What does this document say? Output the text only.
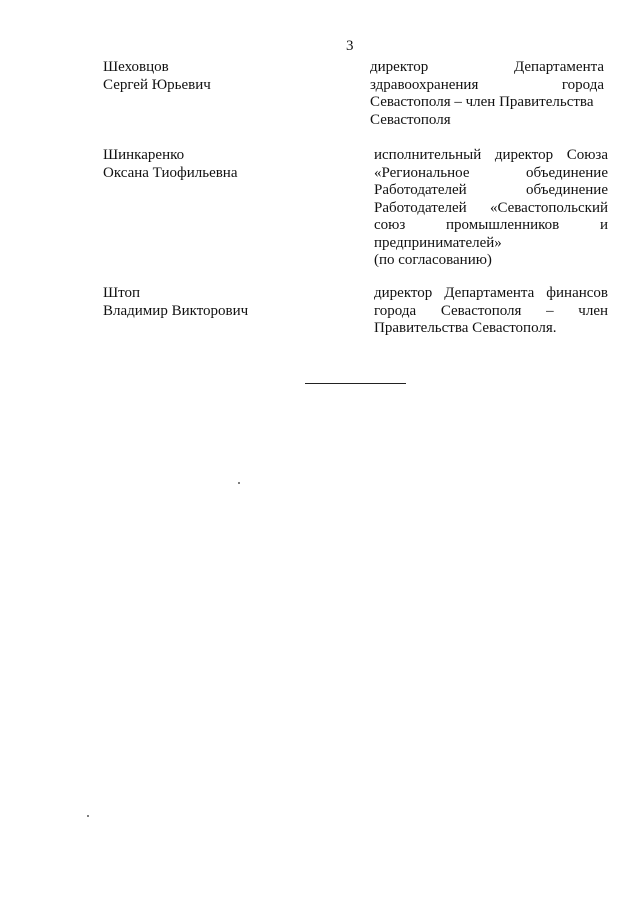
3
Шеховцов
Сергей Юрьевич
директор Департамента
здравоохранения города
Севастополя – член Правительства
Севастополя
Шинкаренко
Оксана Тиофильевна
исполнительный директор Союза
«Региональное объединение
Работодателей объединение
Работодателей «Севастопольский
союз промышленников и
предпринимателей»
(по согласованию)
Штоп
Владимир Викторович
директор Департамента финансов
города Севастополя – член
Правительства Севастополя.
